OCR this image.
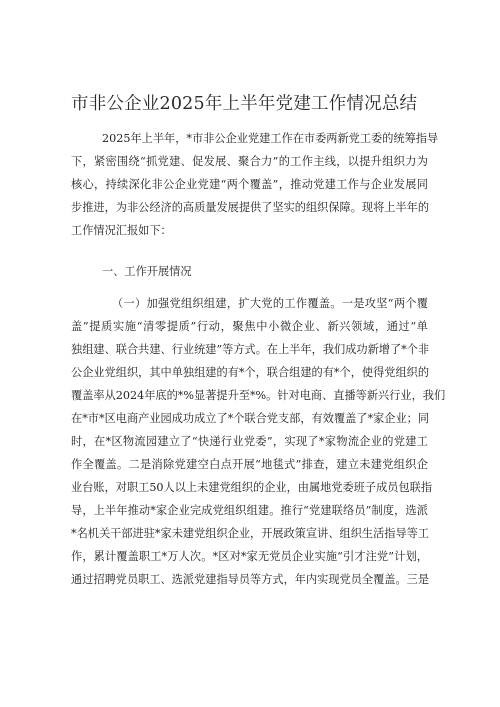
市非公企业2025年上半年党建工作情况总结
2025年上半年，*市非公企业党建工作在市委两新党工委的统筹指导
下，紧密围绕“抓党建、促发展、聚合力”的工作主线，以提升组织力为
核心，持续深化非公企业党建“两个覆盖”，推动党建工作与企业发展同
步推进，为非公经济的高质量发展提供了坚实的组织保障。现将上半年的
工作情况汇报如下：
一、工作开展情况
（一）加强党组织组建，扩大党的工作覆盖。一是攻坚“两个覆
盖”提质实施“清零提质”行动，聚焦中小微企业、新兴领域，通过“单
独组建、联合共建、行业统建”等方式。在上半年，我们成功新增了*个非
公企业党组织，其中单独组建的有*个，联合组建的有*个，使得党组织的
覆盖率从2024年底的*%显著提升至*%。针对电商、直播等新兴行业，我们
在*市*区电商产业园成功成立了*个联合党支部，有效覆盖了*家企业；同
时，在*区物流园建立了“快递行业党委”，实现了*家物流企业的党建工
作全覆盖。二是消除党建空白点开展“地毯式”排查，建立未建党组织企
业台账，对职工50人以上未建党组织的企业，由属地党委班子成员包联指
导，上半年推动*家企业完成党组织组建。推行“党建联络员”制度，选派
*名机关干部进驻*家未建党组织企业，开展政策宣讲、组织生活指导等工
作，累计覆盖职工*万人次。*区对*家无党员企业实施“引才注党”计划，
通过招聘党员职工、选派党建指导员等方式，年内实现党员全覆盖。三是
